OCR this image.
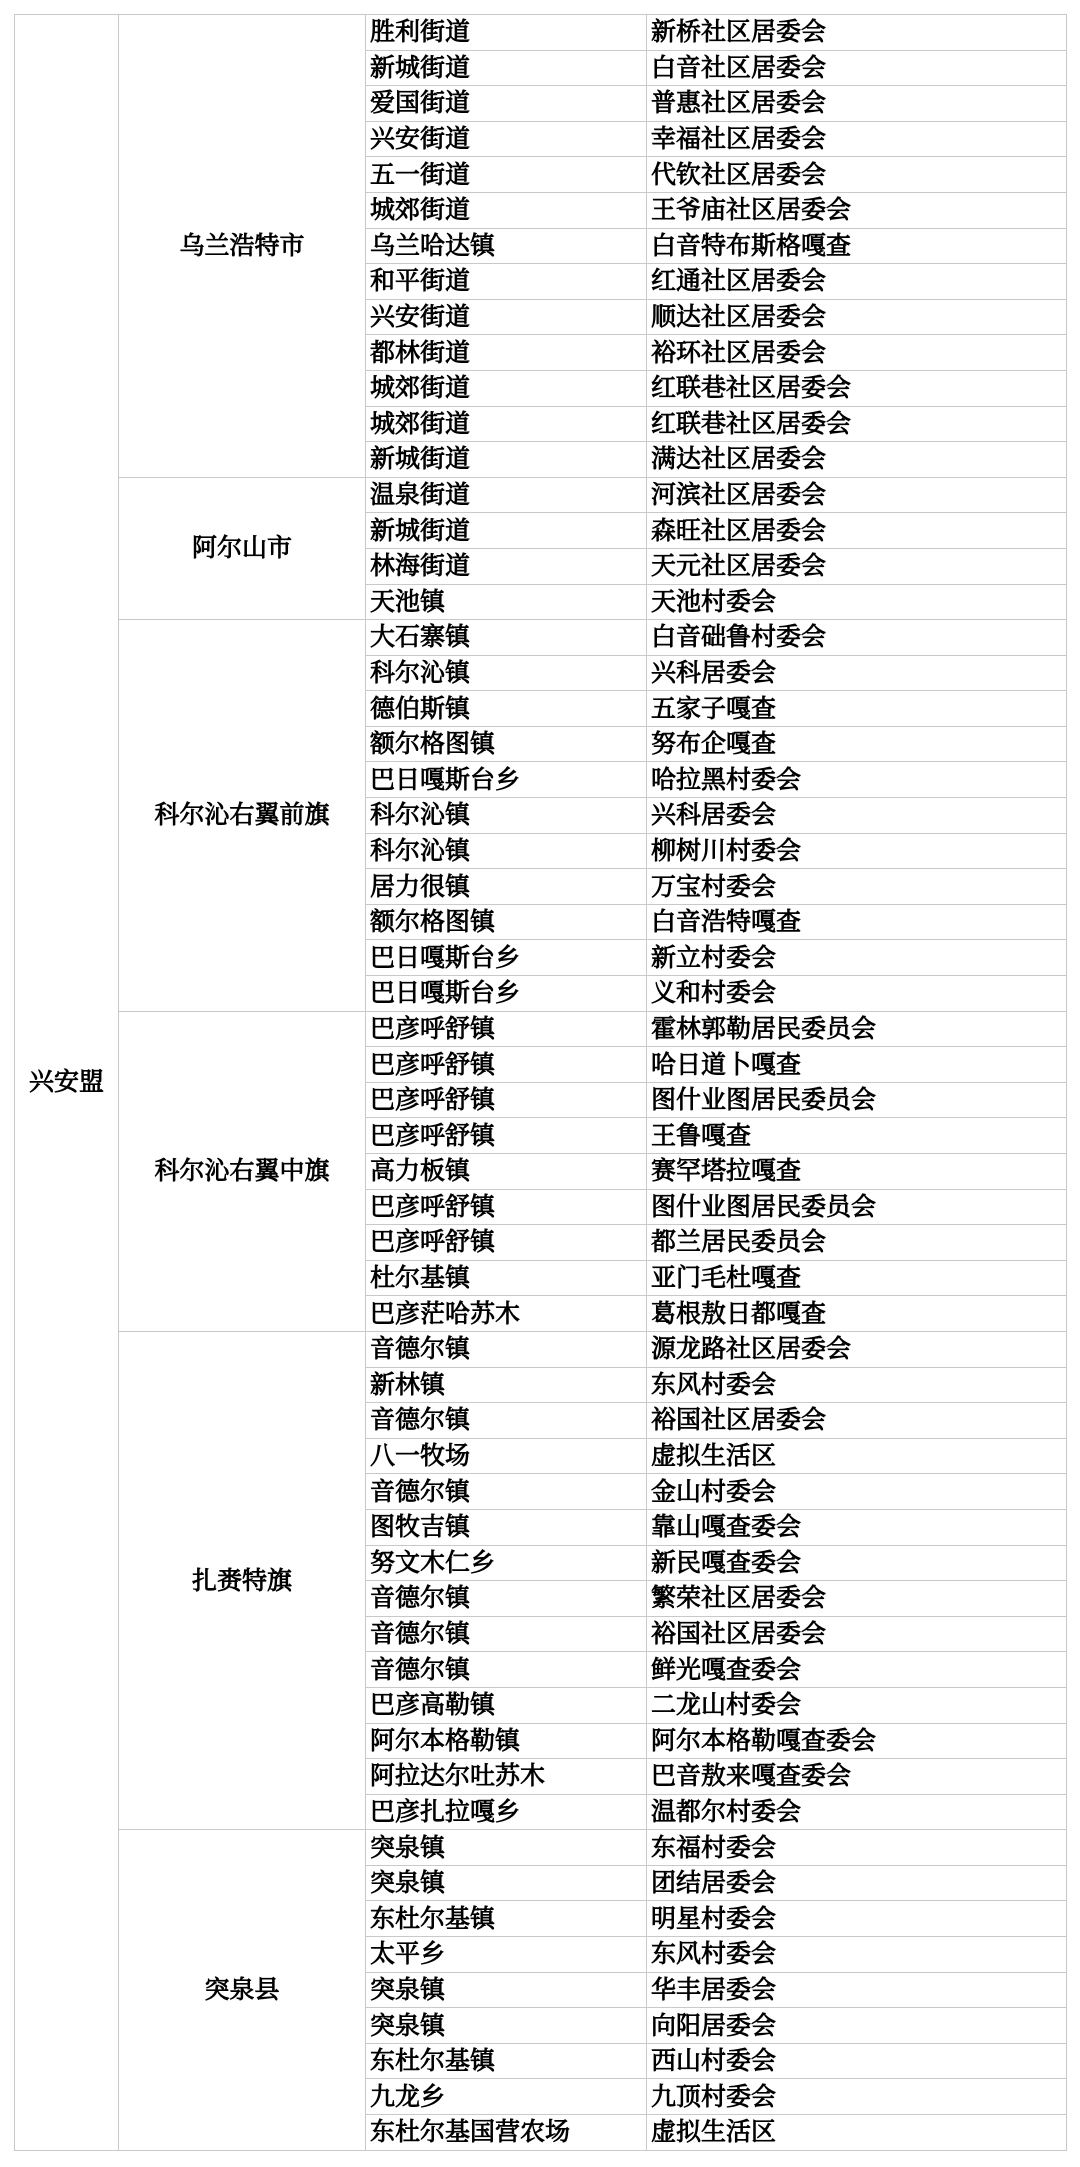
兴安盟	乌兰浩特市	胜利街道	新桥社区居委会
		新城街道	白音社区居委会
		爱国街道	普惠社区居委会
		兴安街道	幸福社区居委会
		五一街道	代钦社区居委会
		城郊街道	王爷庙社区居委会
		乌兰哈达镇	白音特布斯格嘎查
		和平街道	红通社区居委会
		兴安街道	顺达社区居委会
		都林街道	裕环社区居委会
		城郊街道	红联巷社区居委会
		城郊街道	红联巷社区居委会
		新城街道	满达社区居委会
	阿尔山市	温泉街道	河滨社区居委会
		新城街道	森旺社区居委会
		林海街道	天元社区居委会
		天池镇	天池村委会
	科尔沁右翼前旗	大石寨镇	白音础鲁村委会
		科尔沁镇	兴科居委会
		德伯斯镇	五家子嘎查
		额尔格图镇	努布企嘎查
		巴日嘎斯台乡	哈拉黑村委会
		科尔沁镇	兴科居委会
		科尔沁镇	柳树川村委会
		居力很镇	万宝村委会
		额尔格图镇	白音浩特嘎查
		巴日嘎斯台乡	新立村委会
		巴日嘎斯台乡	义和村委会
	科尔沁右翼中旗	巴彦呼舒镇	霍林郭勒居民委员会
		巴彦呼舒镇	哈日道卜嘎查
		巴彦呼舒镇	图什业图居民委员会
		巴彦呼舒镇	王鲁嘎查
		高力板镇	赛罕塔拉嘎查
		巴彦呼舒镇	图什业图居民委员会
		巴彦呼舒镇	都兰居民委员会
		杜尔基镇	亚门毛杜嘎查
		巴彦茫哈苏木	葛根敖日都嘎查
	扎赉特旗	音德尔镇	源龙路社区居委会
		新林镇	东风村委会
		音德尔镇	裕国社区居委会
		八一牧场	虚拟生活区
		音德尔镇	金山村委会
		图牧吉镇	靠山嘎查委会
		努文木仁乡	新民嘎查委会
		音德尔镇	繁荣社区居委会
		音德尔镇	裕国社区居委会
		音德尔镇	鲜光嘎查委会
		巴彦高勒镇	二龙山村委会
		阿尔本格勒镇	阿尔本格勒嘎查委会
		阿拉达尔吐苏木	巴音敖来嘎查委会
		巴彦扎拉嘎乡	温都尔村委会
	突泉县	突泉镇	东福村委会
		突泉镇	团结居委会
		东杜尔基镇	明星村委会
		太平乡	东风村委会
		突泉镇	华丰居委会
		突泉镇	向阳居委会
		东杜尔基镇	西山村委会
		九龙乡	九顶村委会
		东杜尔基国营农场	虚拟生活区
